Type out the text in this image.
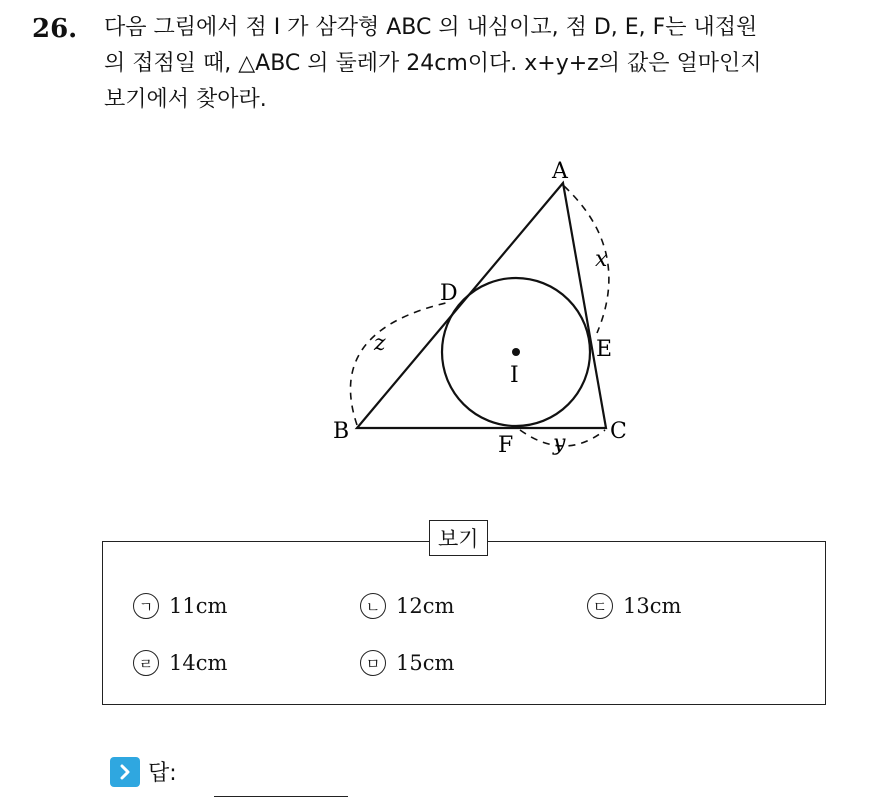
26. 다음 그림에서 점 I 가 삼각형 ABC 의 내심이고, 점 D, E, F는 내접원
의 접점일 때, △ABC 의 둘레가 24cm이다. x+y+z의 값은 얼마인지
보기에서 찾아라.
A
B	C
D
E
F
I
x
y
z
보기
ㄱ 11cm	ㄴ 12cm	ㄷ 13cm
ㄹ 14cm	ㅁ 15cm
답:
